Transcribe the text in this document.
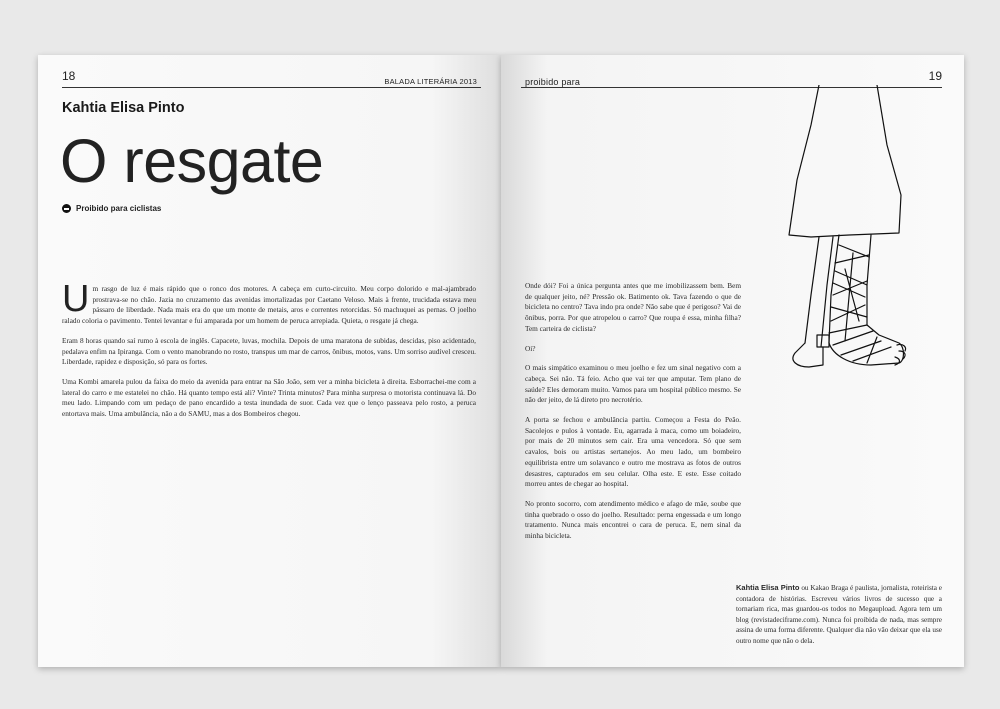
18	BALADA LITERÁRIA 2013
Kahtia Elisa Pinto
O resgate
Proibido para ciclistas

Um rasgo de luz é mais rápido que o ronco dos motores. A cabeça em curto-circuito. Meu corpo dolorido e mal-ajambrado prostrava-se no chão. Jazia no cruzamento das avenidas imortalizadas por Caetano Veloso. Mais à frente, trucidada estava meu pássaro de liberdade. Nada mais era do que um monte de metais, aros e correntes retorcidas. Só machuquei as pernas. O joelho ralado coloria o pavimento. Tentei levantar e fui amparada por um homem de peruca arrepiada. Quieta, o resgate já chega.

Eram 8 horas quando saí rumo à escola de inglês. Capacete, luvas, mochila. Depois de uma maratona de subidas, descidas, piso acidentado, pedalava enfim na Ipiranga. Com o vento manobrando no rosto, transpus um mar de carros, ônibus, motos, vans. Um sorriso audível cresceu. Liberdade, rapidez e disposição, só para os fortes.

Uma Kombi amarela pulou da faixa do meio da avenida para entrar na São João, sem ver a minha bicicleta à direita. Esborrachei-me com a lateral do carro e me estatelei no chão. Há quanto tempo está ali? Vinte? Trinta minutos? Para minha surpresa o motorista continuava lá. Do meu lado. Limpando com um pedaço de pano encardido a testa inundada de suor. Cada vez que o lenço passeava pelo rosto, a peruca entortava mais. Uma ambulância, não a do SAMU, mas a dos Bombeiros chegou.

proibido para	19

Onde dói? Foi a única pergunta antes que me imobilizassem bem. Bem de qualquer jeito, né? Pressão ok. Batimento ok. Tava fazendo o que de bicicleta no centro? Tava indo pra onde? Não sabe que é perigoso? Vai de ônibus, porra. Por que atropelou o carro? Que roupa é essa, minha filha? Tem carteira de ciclista?

Oi?

O mais simpático examinou o meu joelho e fez um sinal negativo com a cabeça. Sei não. Tá feio. Acho que vai ter que amputar. Tem plano de saúde? Eles demoram muito. Vamos para um hospital público mesmo. Se não der jeito, de lá direto pro necrotério.

A porta se fechou e ambulância partiu. Começou a Festa do Peão. Sacolejos e pulos à vontade. Eu, agarrada à maca, como um boiadeiro, por mais de 20 minutos sem cair. Era uma vencedora. Só que sem cavalos, bois ou artistas sertanejos. Ao meu lado, um bombeiro equilibrista entre um solavanco e outro me mostrava as fotos de outros desastres, capturados em seu celular. Olha este. E este. Esse coitado morreu antes de chegar ao hospital.

No pronto socorro, com atendimento médico e afago de mãe, soube que tinha quebrado o osso do joelho. Resultado: perna engessada e um longo tratamento. Nunca mais encontrei o cara de peruca. E, nem sinal da minha bicicleta.

Kahtia Elisa Pinto ou Kakao Braga é paulista, jornalista, roteirista e contadora de histórias. Escreveu vários livros de sucesso que a tornariam rica, mas guardou-os todos no Megaupload. Agora tem um blog (revistadeciframe.com). Nunca foi proibida de nada, mas sempre assina de uma forma diferente. Qualquer dia não vão deixar que ela use outro nome que não o dela.
